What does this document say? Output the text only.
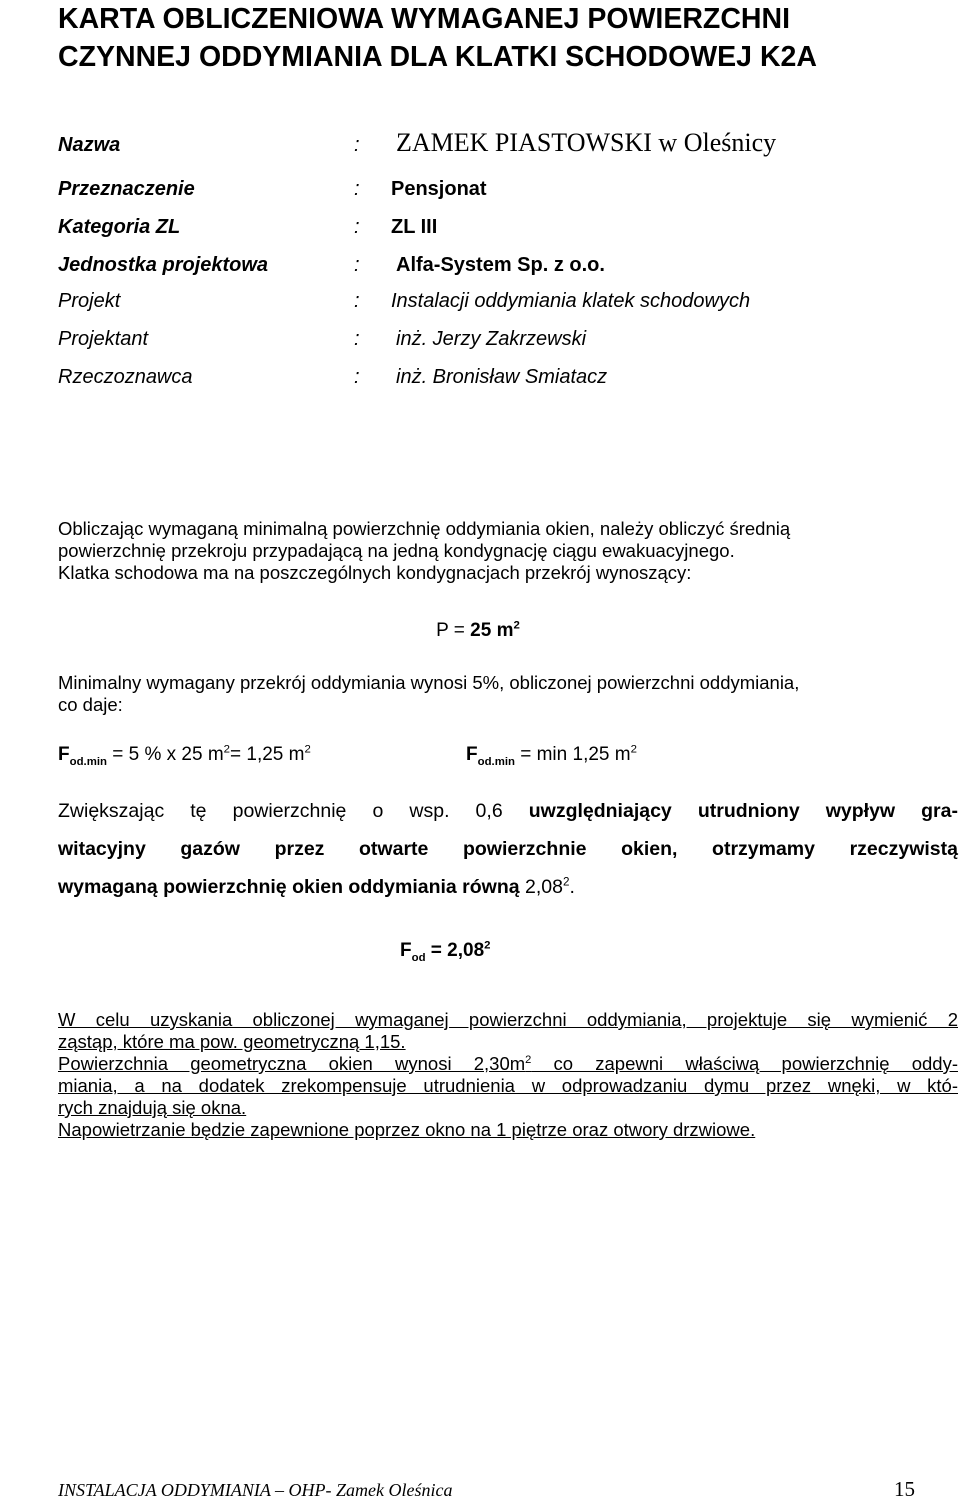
KARTA OBLICZENIOWA WYMAGANEJ POWIERZCHNI
CZYNNEJ ODDYMIANIA DLA KLATKI SCHODOWEJ K2A
Nazwa	: ZAMEK PIASTOWSKI w Oleśnicy
Przeznaczenie	: Pensjonat
Kategoria ZL	: ZL III
Jednostka projektowa	: Alfa-System Sp. z o.o.
Projekt	: Instalacji oddymiania klatek schodowych
Projektant	: inż. Jerzy Zakrzewski
Rzeczoznawca	: inż. Bronisław Smiatacz
Obliczając wymaganą minimalną powierzchnię oddymiania okien, należy obliczyć średnią
powierzchnię przekroju przypadającą na jedną kondygnację ciągu ewakuacyjnego.
Klatka schodowa ma na poszczególnych kondygnacjach przekrój wynoszący:
P = 25 $m^2$
Minimalny wymagany przekrój oddymiania wynosi 5%, obliczonej powierzchni oddymiania,
co daje:
$F_{od.min} = 5$ % x 25 $m^2= 1,25$ $m^2$	$F_{od.min} = \min 1,25$ $m^2$
Zwiększając tę powierzchnię o wsp. 0,6 uwzględniający utrudniony wypływ gra-
witacyjny gazów przez otwarte powierzchnie okien, otrzymamy rzeczywistą
wymaganą powierzchnię okien oddymiania równą 2,08$^2$.
$F_{od} = 2,08^2$
W celu uzyskania obliczonej wymaganej powierzchni oddymiania, projektuje się wymienić 2
ząstąp, które ma pow. geometryczną 1,15.
Powierzchnia geometryczna okien wynosi $2,30m^2$ co zapewni właściwą powierzchnię oddy-
miania, a na dodatek zrekompensuje utrudnienia w odprowadzaniu dymu przez wnęki, w któ-
rych znajdują się okna.
Napowietrzanie będzie zapewnione poprzez okno na 1 piętrze oraz otwory drzwiowe.
INSTALACJA ODDYMIANIA – OHP- Zamek Oleśnica	15
